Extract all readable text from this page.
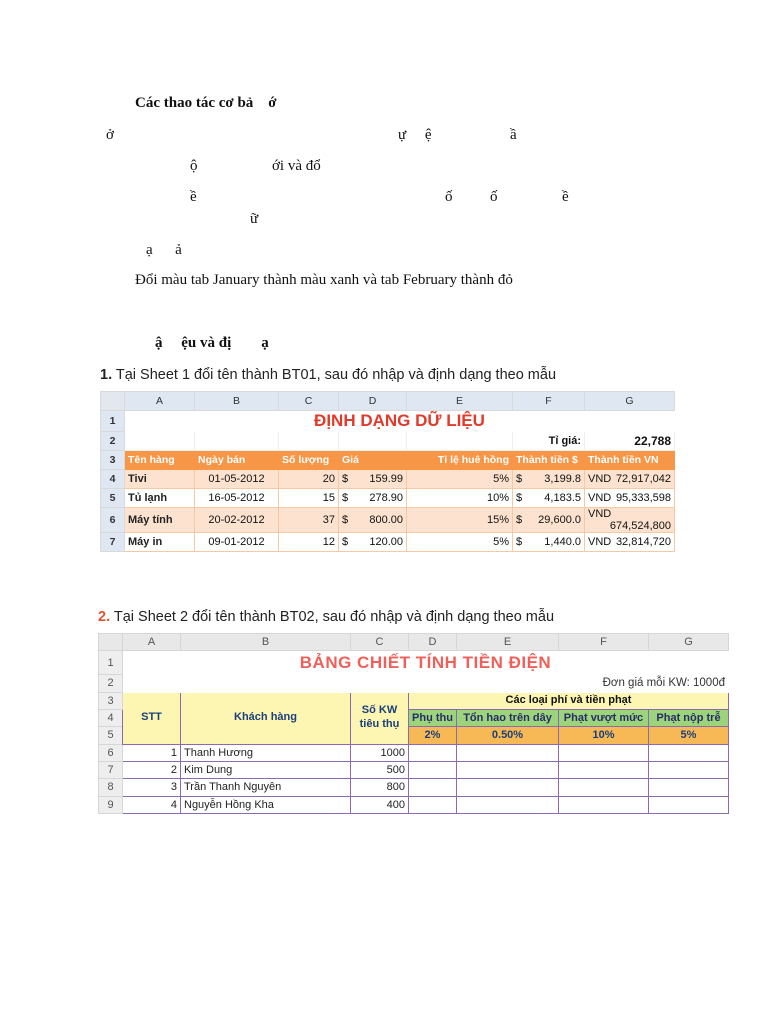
Các thao tác cơ bả    ớ
ở	ự     ệ	ầ
ộ	ới và đổ
ề	ố	ố	ề
ữ
ạ      ả
Đổi màu tab January thành màu xanh và tab February thành đỏ
ậ     ệu và đị        ạ
1. Tại Sheet 1 đổi tên thành BT01, sau đó nhập và định dạng theo mẫu
	A	B	C	D	E	F	G
1	ĐỊNH DẠNG DỮ LIỆU						
2						Tỉ giá:	22,788
3	Tên hàng	Ngày bán	Số lượng	Giá	Tỉ lệ huê hồng	Thành tiền $	Thành tiền VN
4	Tivi	01-05-2012	20	$ 159.99	5%	$ 3,199.8	VND 72,917,042

5	Tủ lạnh	16-05-2012	15	$ 278.90	10%	$ 4,183.5	VND 95,333,598

6	Máy tính	20-02-2012	37	$ 800.00	15%	$ 29,600.0	VND
674,524,800

7	Máy in	09-01-2012	12	$ 120.00	5%	$ 1,440.0	VND 32,814,720
2. Tại Sheet 2 đổi tên thành BT02, sau đó nhập và định dạng theo mẫu
	A	B	C	D	E	F	G
1	BẢNG CHIẾT TÍNH TIỀN ĐIỆN						
2	Đơn giá mỗi KW: 1000đ						
3	STT	Khách hàng	Số KW tiêu thụ	Các loại phí và tiền phạt			
4				Phụ thu	Tổn hao trên dây	Phạt vượt mức	Phạt nộp trễ
5				2%	0.50%	10%	5%
6	1	Thanh Hương	1000				
7	2	Kim Dung	500				
8	3	Trần Thanh Nguyên	800				
9	4	Nguyễn Hồng Kha	400				
